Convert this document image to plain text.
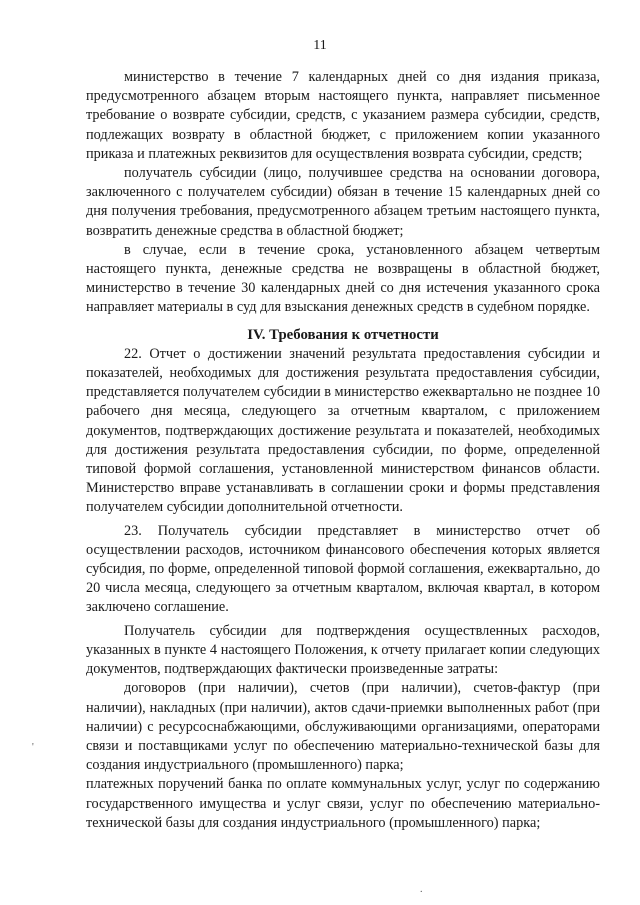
11

министерство в течение 7 календарных дней со дня издания приказа, предусмотренного абзацем вторым настоящего пункта, направляет письменное требование о возврате субсидии, средств, с указанием размера субсидии, средств, подлежащих возврату в областной бюджет, с приложением копии указанного приказа и платежных реквизитов для осуществления возврата субсидии, средств;

получатель субсидии (лицо, получившее средства на основании договора, заключенного с получателем субсидии) обязан в течение 15 календарных дней со дня получения требования, предусмотренного абзацем третьим настоящего пункта, возвратить денежные средства в областной бюджет;

в случае, если в течение срока, установленного абзацем четвертым настоящего пункта, денежные средства не возвращены в областной бюджет, министерство в течение 30 календарных дней со дня истечения указанного срока направляет материалы в суд для взыскания денежных средств в судебном порядке.

IV. Требования к отчетности

22. Отчет о достижении значений результата предоставления субсидии и показателей, необходимых для достижения результата предоставления субсидии, представляется получателем субсидии в министерство ежеквартально не позднее 10 рабочего дня месяца, следующего за отчетным кварталом, с приложением документов, подтверждающих достижение результата и показателей, необходимых для достижения результата предоставления субсидии, по форме, определенной типовой формой соглашения, установленной министерством финансов области. Министерство вправе устанавливать в соглашении сроки и формы представления получателем субсидии дополнительной отчетности.

23. Получатель субсидии представляет в министерство отчет об осуществлении расходов, источником финансового обеспечения которых является субсидия, по форме, определенной типовой формой соглашения, ежеквартально, до 20 числа месяца, следующего за отчетным кварталом, включая квартал, в котором заключено соглашение.

Получатель субсидии для подтверждения осуществленных расходов, указанных в пункте 4 настоящего Положения, к отчету прилагает копии следующих документов, подтверждающих фактически произведенные затраты:

договоров (при наличии), счетов (при наличии), счетов-фактур (при наличии), накладных (при наличии), актов сдачи-приемки выполненных работ (при наличии) с ресурсоснабжающими, обслуживающими организациями, операторами связи и поставщиками услуг по обеспечению материально-технической базы для создания индустриального (промышленного) парка;

платежных поручений банка по оплате коммунальных услуг, услуг по содержанию государственного имущества и услуг связи, услуг по обеспечению материально-технической базы для создания индустриального (промышленного) парка;

'
.
